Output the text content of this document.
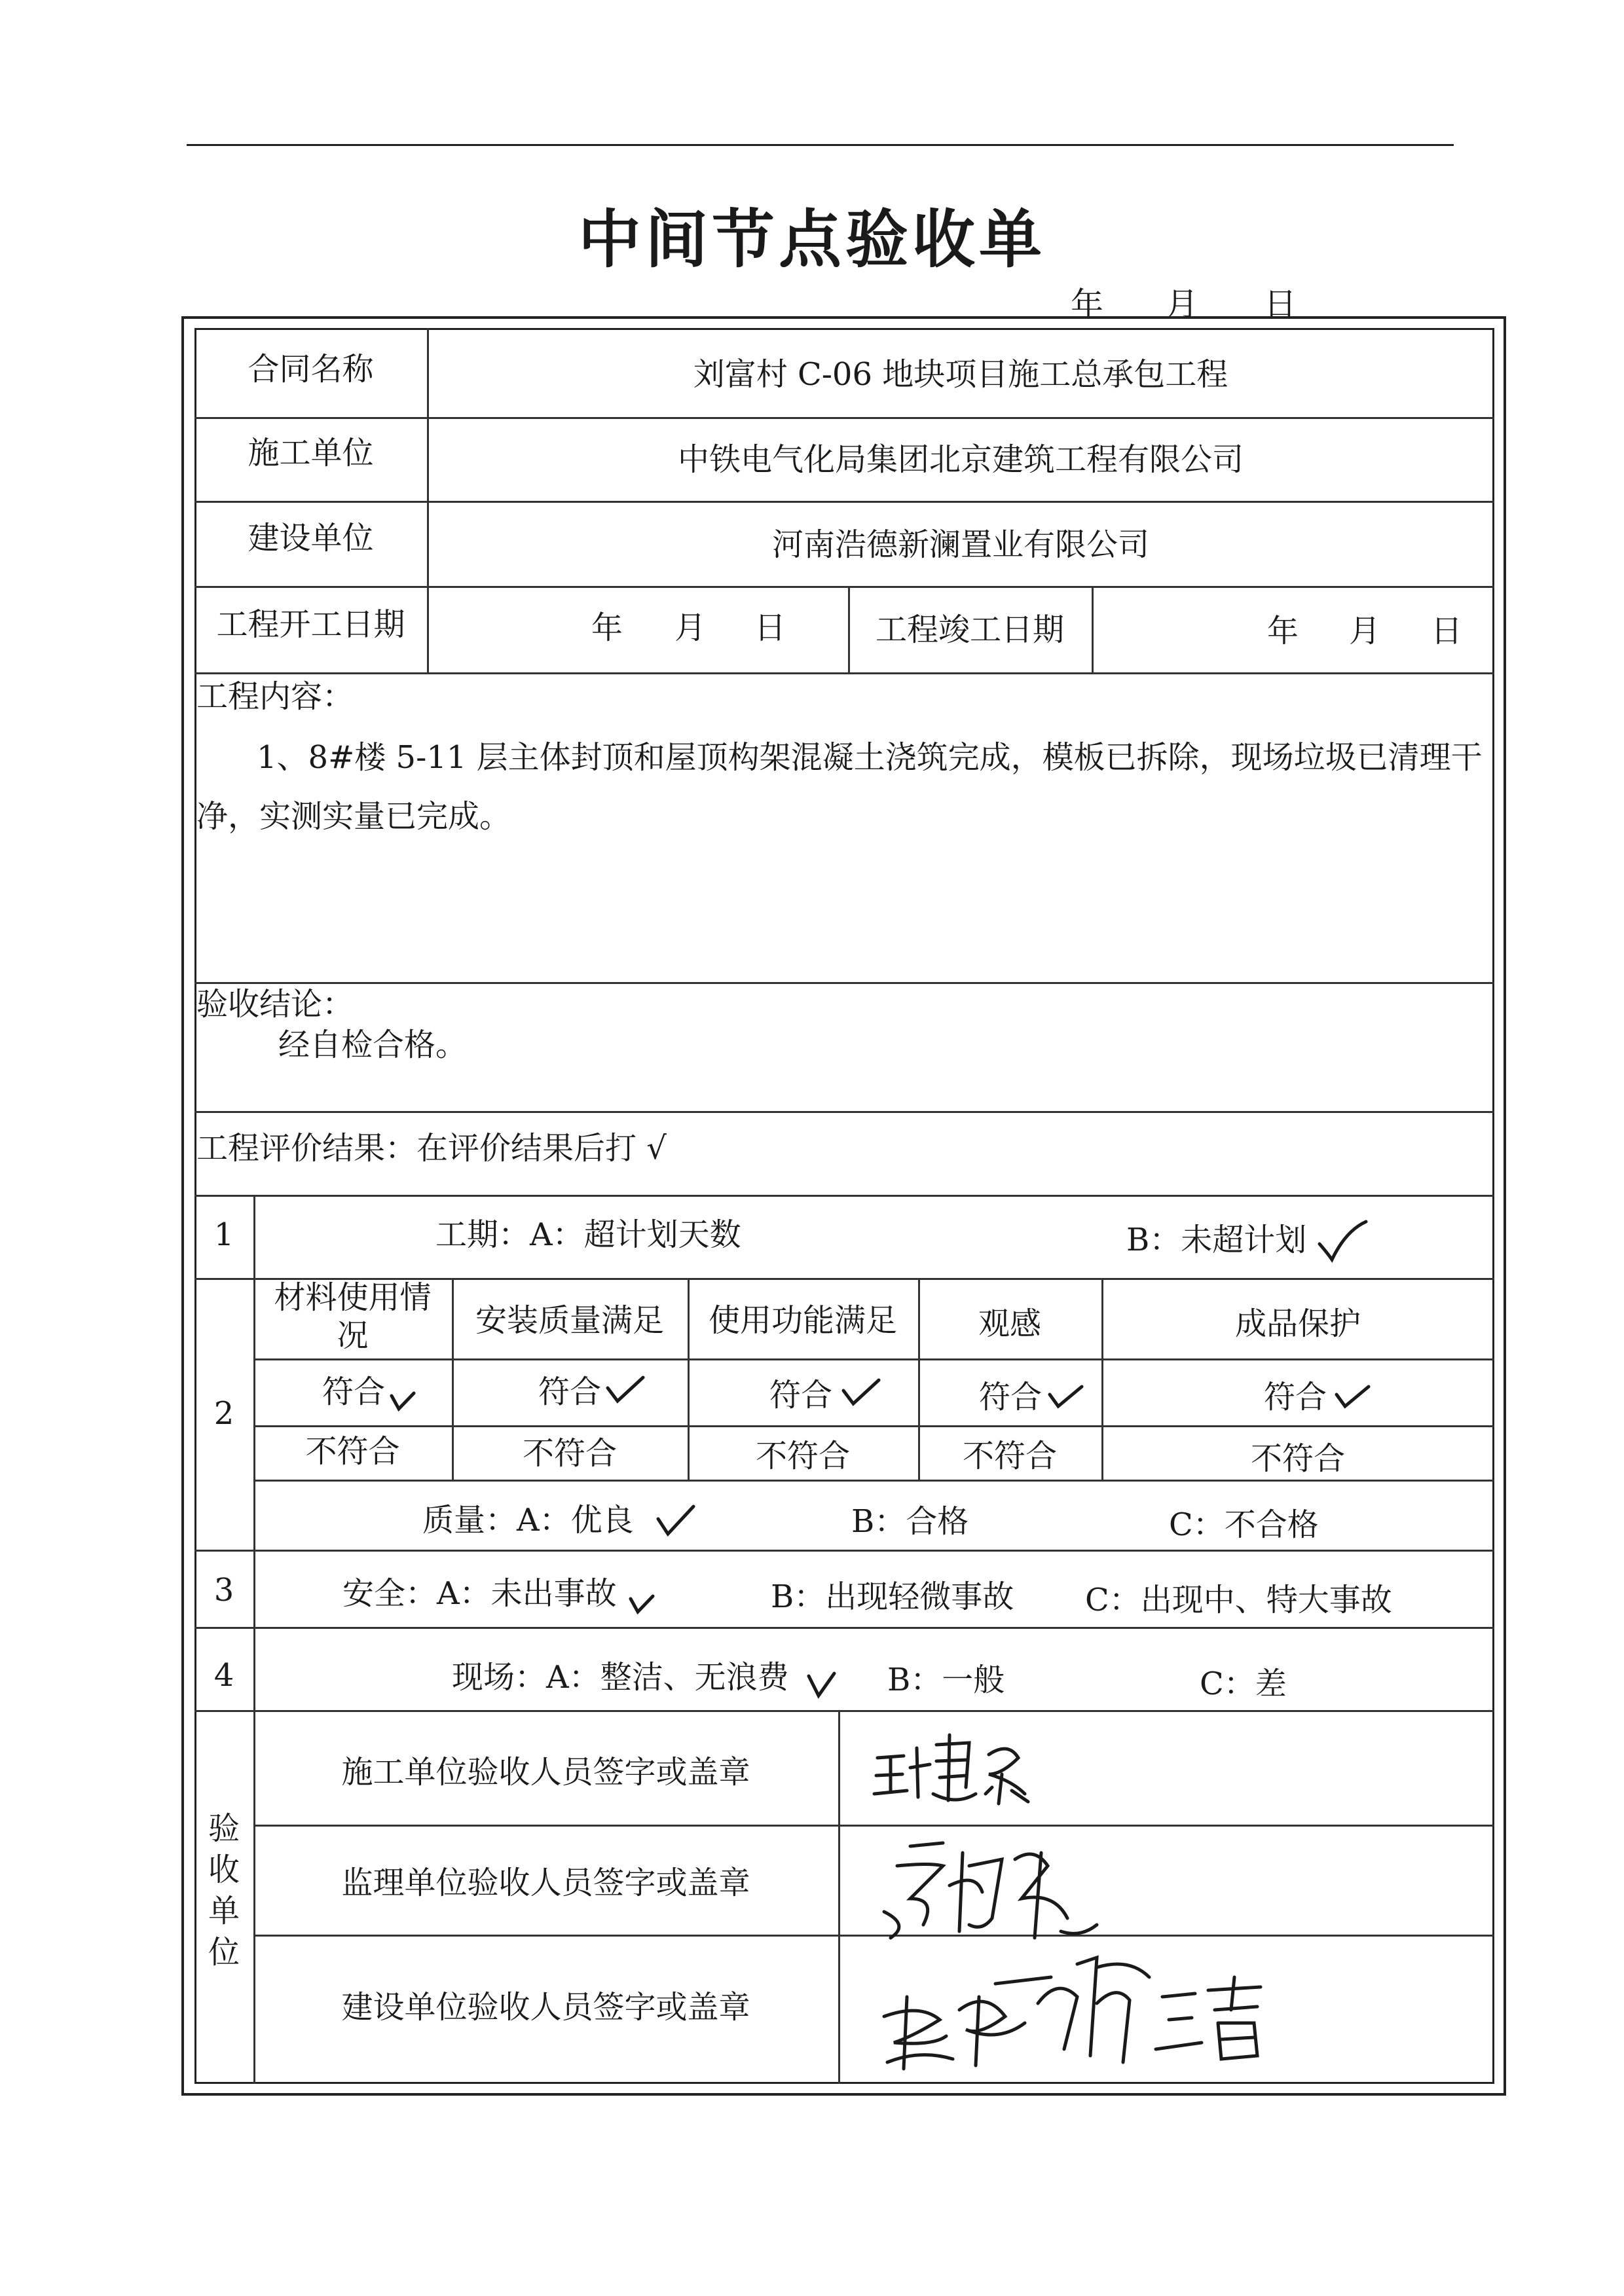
中间节点验收单
年 月 日
合同名称	刘富村 C-06 地块项目施工总承包工程
施工单位	中铁电气化局集团北京建筑工程有限公司
建设单位	河南浩德新澜置业有限公司
工程开工日期	年 月 日	工程竣工日期	年 月 日
工程内容：
1、8#楼 5-11 层主体封顶和屋顶构架混凝土浇筑完成，模板已拆除，现场垃圾已清理干
净，实测实量已完成。
验收结论：
经自检合格。
工程评价结果：在评价结果后打 √
1	工期：A：超计划天数	B：未超计划
2
材料使用情
况	安装质量满足	使用功能满足	观感	成品保护
符合	符合	符合	符合	符合
不符合	不符合	不符合	不符合	不符合
质量：A：优良	B：合格	C：不合格
3	安全：A：未出事故	B：出现轻微事故 C：出现中、特大事故
4	现场：A：整洁、无浪费	B：一般	C：差
验收单位
施工单位验收人员签字或盖章
监理单位验收人员签字或盖章
建设单位验收人员签字或盖章
